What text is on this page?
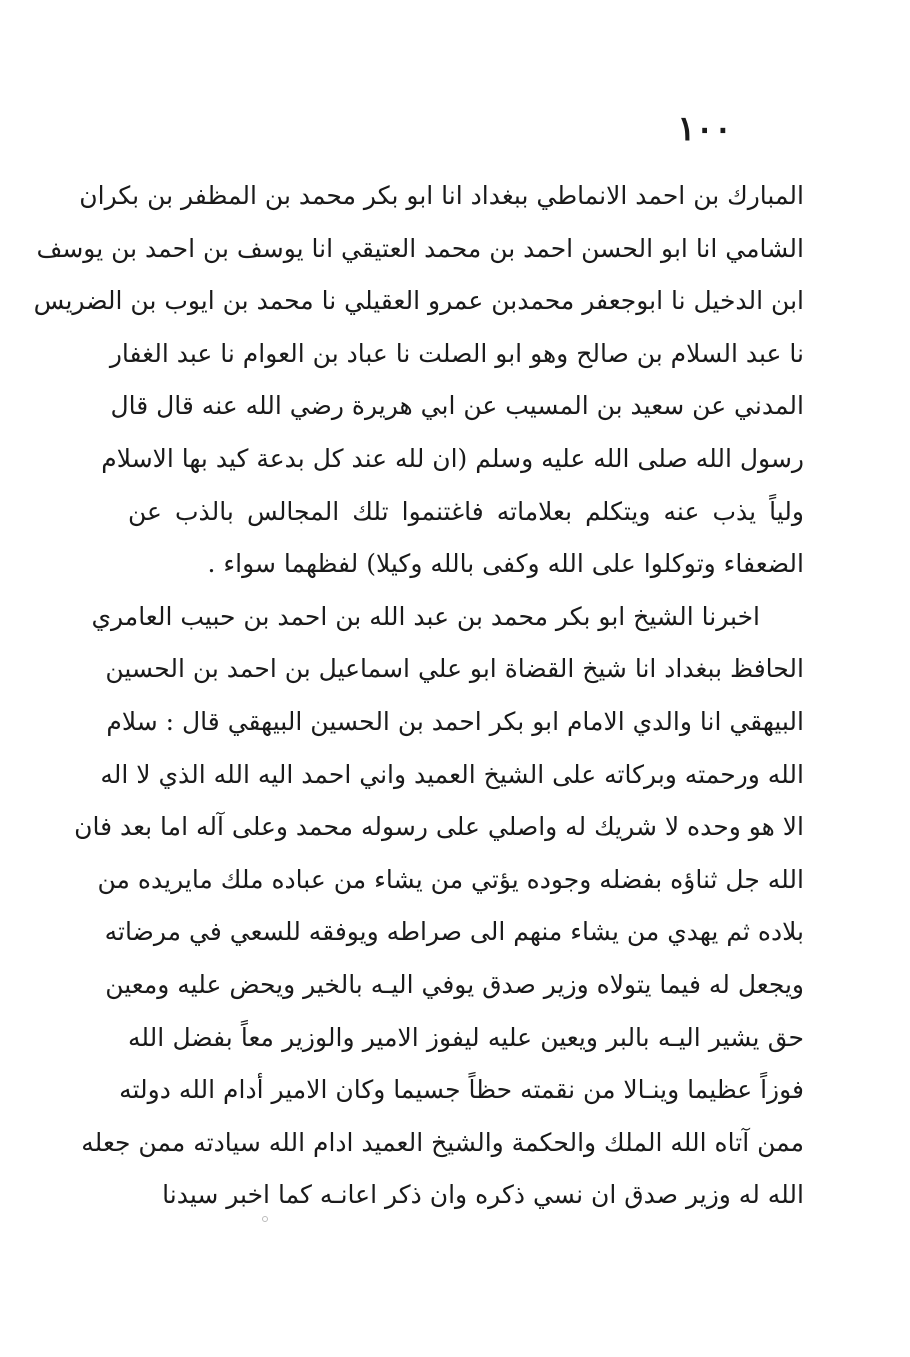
١٠٠
المبارك بن احمد الانماطي ببغداد انا ابو بكر محمد بن المظفر بن بكران
الشامي انا ابو الحسن احمد بن محمد العتيقي انا يوسف بن احمد بن يوسف
ابن الدخيل نا ابوجعفر محمدبن عمرو العقيلي نا محمد بن ايوب بن الضريس
نا عبد السلام بن صالح وهو ابو الصلت نا عباد بن العوام نا عبد الغفار
المدني عن سعيد بن المسيب عن ابي هريرة رضي الله عنه قال قال
رسول الله صلى الله عليه وسلم (ان لله عند كل بدعة كيد بها الاسلام
ولياً يذب عنه ويتكلم بعلاماته فاغتنموا تلك المجالس بالذب عن
الضعفاء وتوكلوا على الله وكفى بالله وكيلا) لفظهما سواء .
اخبرنا الشيخ ابو بكر محمد بن عبد الله بن احمد بن حبيب العامري
الحافظ ببغداد انا شيخ القضاة ابو علي اسماعيل بن احمد بن الحسين
البيهقي انا والدي الامام ابو بكر احمد بن الحسين البيهقي قال : سلام
الله ورحمته وبركاته على الشيخ العميد واني احمد اليه الله الذي لا اله
الا هو وحده لا شريك له واصلي على رسوله محمد وعلى آله اما بعد فان
الله جل ثناؤه بفضله وجوده يؤتي من يشاء من عباده ملك مايريده من
بلاده ثم يهدي من يشاء منهم الى صراطه ويوفقه للسعي في مرضاته
ويجعل له فيما يتولاه وزير صدق يوفي اليـه بالخير ويحض عليه ومعين
حق يشير اليـه بالبر ويعين عليه ليفوز الامير والوزير معاً بفضل الله
فوزاً عظيما وينـالا من نقمته حظاً جسيما وكان الامير أدام الله دولته
ممن آتاه الله الملك والحكمة والشيخ العميد ادام الله سيادته ممن جعله
الله له وزير صدق ان نسي ذكره وان ذكر اعانـه كما اخبر سيدنا
